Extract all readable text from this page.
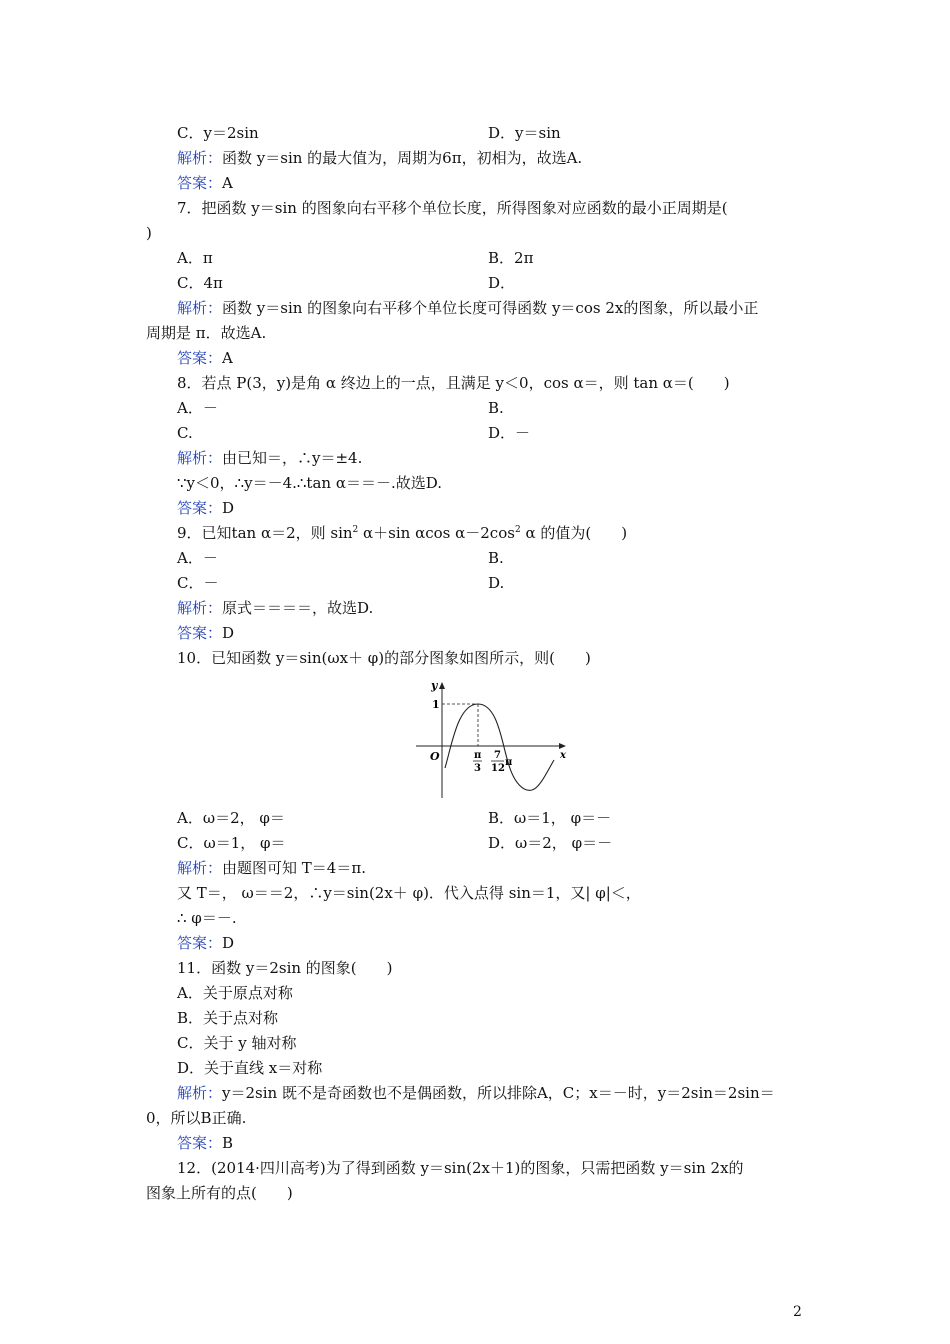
C．y＝2sin	D．y＝sin
解析：函数 y＝sin 的最大值为，周期为6π，初相为，故选A.
答案：A
7．把函数 y＝sin 的图象向右平移个单位长度，所得图象对应函数的最小正周期是(
)
A．π	B．2π
C．4π	D．
解析：函数 y＝sin 的图象向右平移个单位长度可得函数 y＝cos 2x的图象，所以最小正
周期是 π．故选A.
答案：A
8．若点 P(3，y)是角 α 终边上的一点，且满足 y＜0，cos α＝，则 tan α＝(　　)
A．－	B.
C.	D．－
解析：由已知＝，∴y＝±4.
∵y＜0，∴y＝－4.∴tan α＝＝－.故选D.
答案：D
9．已知tan α＝2，则 $\sin^2 \alpha+\sin$ αcos $\alpha-2\cos^2$ α 的值为(　　)
A．－	B.
C．－	D.
解析：原式＝＝＝＝，故选D.
答案：D
10．已知函数 y＝sin(ωx＋ φ)的部分图象如图所示，则(　　)
y
x
O
1
π
3
7
12
π
A．ω＝2， φ＝	B．ω＝1， φ＝－
C．ω＝1， φ＝	D．ω＝2， φ＝－
解析：由题图可知 T＝4＝π.
又 T＝， ω＝＝2，∴y＝sin(2x＋ φ)．代入点得 sin＝1，又| φ|＜，
∴ φ＝－.
答案：D
11．函数 y＝2sin 的图象(　　)
A．关于原点对称
B．关于点对称
C．关于 y 轴对称
D．关于直线 x＝对称
解析：y＝2sin 既不是奇函数也不是偶函数，所以排除A，C；x＝－时，y＝2sin＝2sin＝
0，所以B正确.
答案：B
12．(2014·四川高考)为了得到函数 y＝sin(2x＋1)的图象，只需把函数 y＝sin 2x的
图象上所有的点(　　)
2
